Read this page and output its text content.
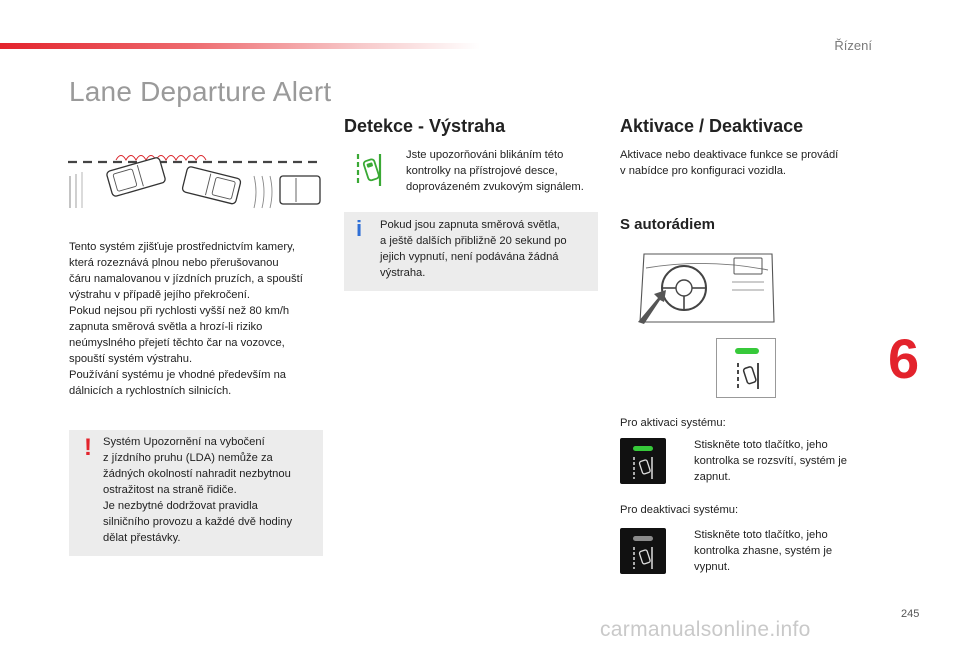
Řízení
Lane Departure Alert
Tento systém zjišťuje prostřednictvím kamery,
která rozeznává plnou nebo přerušovanou
čáru namalovanou v jízdních pruzích, a spouští
výstrahu v případě jejího překročení.
Pokud nejsou při rychlosti vyšší než 80 km/h
zapnuta směrová světla a hrozí-li riziko
neúmyslného přejetí těchto čar na vozovce,
spouští systém výstrahu.
Používání systému je vhodné především na
dálnicích a rychlostních silnicích.
! Systém Upozornění na vybočení
z jízdního pruhu (LDA) nemůže za
žádných okolností nahradit nezbytnou
ostražitost na straně řidiče.
Je nezbytné dodržovat pravidla
silničního provozu a každé dvě hodiny
dělat přestávky.
Detekce - Výstraha
Jste upozorňováni blikáním této
kontrolky na přístrojové desce,
doprovázeném zvukovým signálem.
i Pokud jsou zapnuta směrová světla,
a ještě dalších přibližně 20 sekund po
jejich vypnutí, není podávána žádná
výstraha.
Aktivace / Deaktivace
Aktivace nebo deaktivace funkce se provádí
v nabídce pro konfiguraci vozidla.
S autorádiem
Pro aktivaci systému:
Stiskněte toto tlačítko, jeho
kontrolka se rozsvítí, systém je
zapnut.
Pro deaktivaci systému:
Stiskněte toto tlačítko, jeho
kontrolka zhasne, systém je
vypnut.
6
245
carmanualsonline.info
